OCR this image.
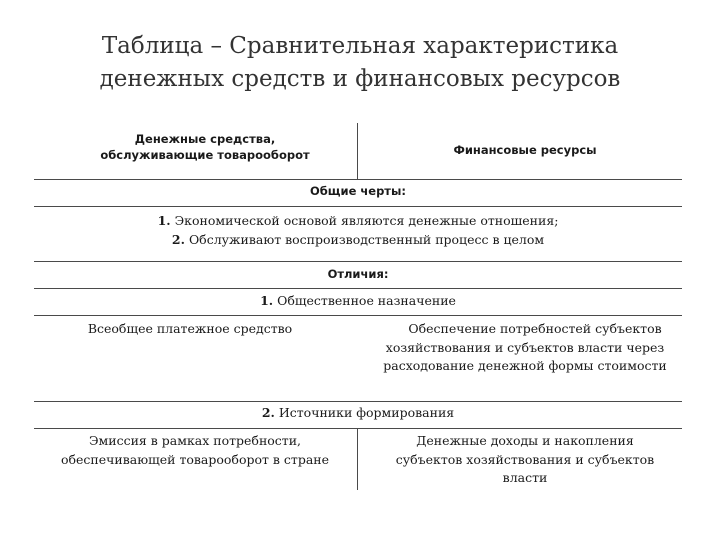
Таблица – Сравнительная характеристика
денежных средств и финансовых ресурсов
Денежные средства,
обслуживающие товарооборот	Финансовые ресурсы
Общие черты:
1. Экономической основой являются денежные отношения;
2. Обслуживают воспроизводственный процесс в целом
Отличия:
1. Общественное назначение
Всеобщее платежное средство	Обеспечение потребностей субъектов
хозяйствования и субъектов власти через
расходование денежной формы стоимости
2. Источники формирования
Эмиссия в рамках потребности,
обеспечивающей товарооборот в стране
Денежные доходы и накопления
субъектов хозяйствования и субъектов
власти
